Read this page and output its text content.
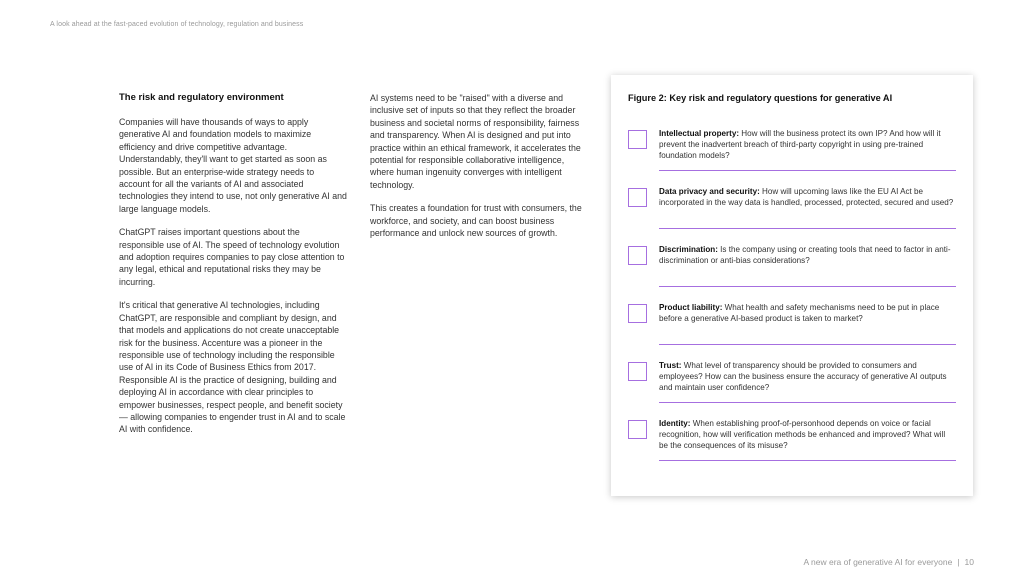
A look ahead at the fast-paced evolution of technology, regulation and business
The risk and regulatory environment

Companies will have thousands of ways to apply generative AI and foundation models to maximize efficiency and drive competitive advantage. Understandably, they'll want to get started as soon as possible. But an enterprise-wide strategy needs to account for all the variants of AI and associated technologies they intend to use, not only generative AI and large language models.

ChatGPT raises important questions about the responsible use of AI. The speed of technology evolution and adoption requires companies to pay close attention to any legal, ethical and reputational risks they may be incurring.

It's critical that generative AI technologies, including ChatGPT, are responsible and compliant by design, and that models and applications do not create unacceptable risk for the business. Accenture was a pioneer in the responsible use of technology including the responsible use of AI in its Code of Business Ethics from 2017. Responsible AI is the practice of designing, building and deploying AI in accordance with clear principles to empower businesses, respect people, and benefit society — allowing companies to engender trust in AI and to scale AI with confidence.

AI systems need to be "raised" with a diverse and inclusive set of inputs so that they reflect the broader business and societal norms of responsibility, fairness and transparency. When AI is designed and put into practice within an ethical framework, it accelerates the potential for responsible collaborative intelligence, where human ingenuity converges with intelligent technology.

This creates a foundation for trust with consumers, the workforce, and society, and can boost business performance and unlock new sources of growth.

Figure 2: Key risk and regulatory questions for generative AI
Intellectual property: How will the business protect its own IP? And how will it prevent the inadvertent breach of third-party copyright in using pre-trained foundation models?
Data privacy and security: How will upcoming laws like the EU AI Act be incorporated in the way data is handled, processed, protected, secured and used?
Discrimination: Is the company using or creating tools that need to factor in anti-discrimination or anti-bias considerations?
Product liability: What health and safety mechanisms need to be put in place before a generative AI-based product is taken to market?
Trust: What level of transparency should be provided to consumers and employees? How can the business ensure the accuracy of generative AI outputs and maintain user confidence?
Identity: When establishing proof-of-personhood depends on voice or facial recognition, how will verification methods be enhanced and improved? What will be the consequences of its misuse?
A new era of generative AI for everyone | 10
